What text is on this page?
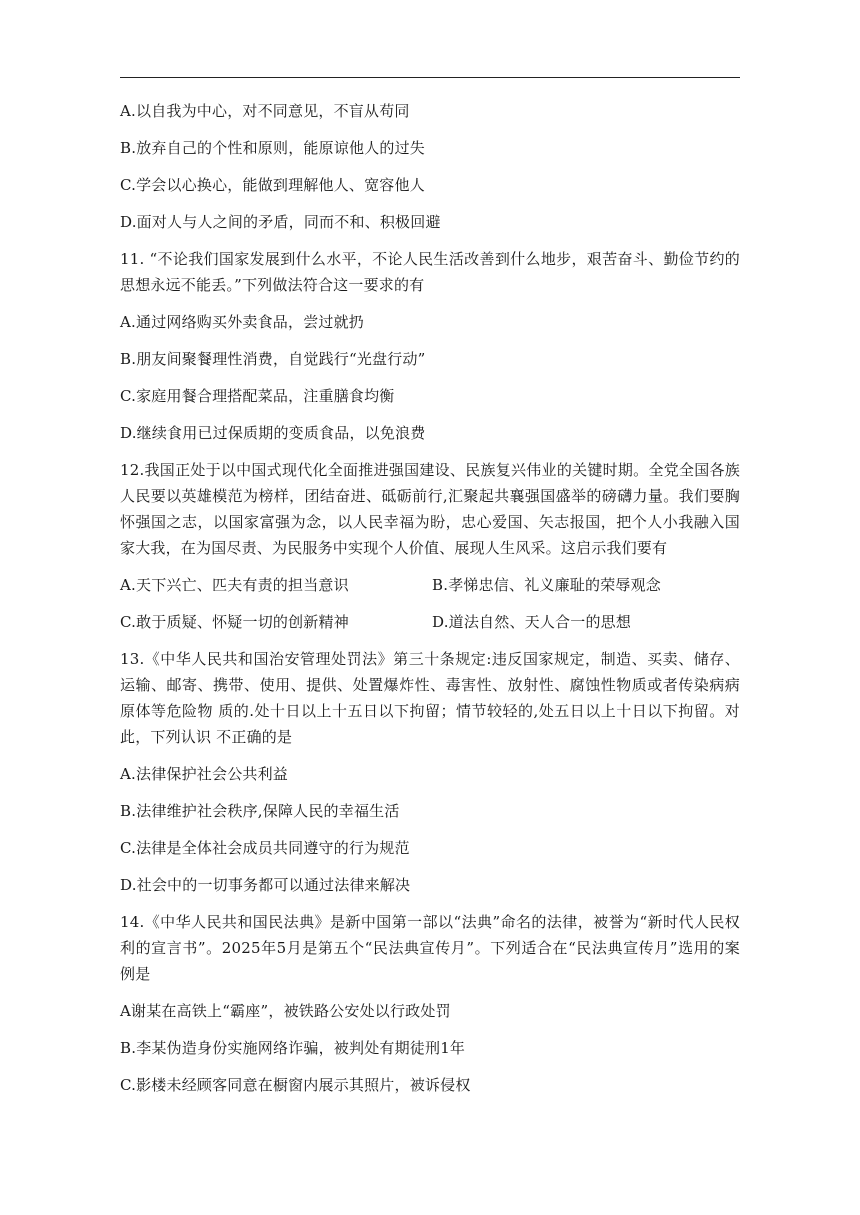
A.以自我为中心，对不同意见，不盲从苟同
B.放弃自己的个性和原则，能原谅他人的过失
C.学会以心换心，能做到理解他人、宽容他人
D.面对人与人之间的矛盾，同而不和、积极回避
11. “不论我们国家发展到什么水平，不论人民生活改善到什么地步，艰苦奋斗、勤俭节约的思想永远不能丢。”下列做法符合这一要求的有
A.通过网络购买外卖食品，尝过就扔
B.朋友间聚餐理性消费，自觉践行“光盘行动”
C.家庭用餐合理搭配菜品，注重膳食均衡
D.继续食用已过保质期的变质食品，以免浪费
12.我国正处于以中国式现代化全面推进强国建设、民族复兴伟业的关键时期。全党全国各族人民要以英雄模范为榜样，团结奋进、砥砺前行,汇聚起共襄强国盛举的磅礴力量。我们要胸怀强国之志，以国家富强为念，以人民幸福为盼，忠心爱国、矢志报国，把个人小我融入国家大我，在为国尽责、为民服务中实现个人价值、展现人生风采。这启示我们要有
A.天下兴亡、匹夫有责的担当意识	B.孝悌忠信、礼义廉耻的荣辱观念
C.敢于质疑、怀疑一切的创新精神	D.道法自然、天人合一的思想
13.《中华人民共和国治安管理处罚法》第三十条规定:违反国家规定，制造、买卖、储存、运输、邮寄、携带、使用、提供、处置爆炸性、毒害性、放射性、腐蚀性物质或者传染病病原体等危险物 质的.处十日以上十五日以下拘留；情节较轻的,处五日以上十日以下拘留。对此，下列认识 不正确的是
A.法律保护社会公共利益
B.法律维护社会秩序,保障人民的幸福生活
C.法律是全体社会成员共同遵守的行为规范
D.社会中的一切事务都可以通过法律来解决
14.《中华人民共和国民法典》是新中国第一部以“法典”命名的法律，被誉为“新时代人民权利的宣言书”。2025年5月是第五个“民法典宣传月”。下列适合在“民法典宣传月”选用的案例是
A谢某在高铁上“霸座”，被铁路公安处以行政处罚
B.李某伪造身份实施网络诈骗，被判处有期徒刑1年
C.影楼未经顾客同意在橱窗内展示其照片，被诉侵权
